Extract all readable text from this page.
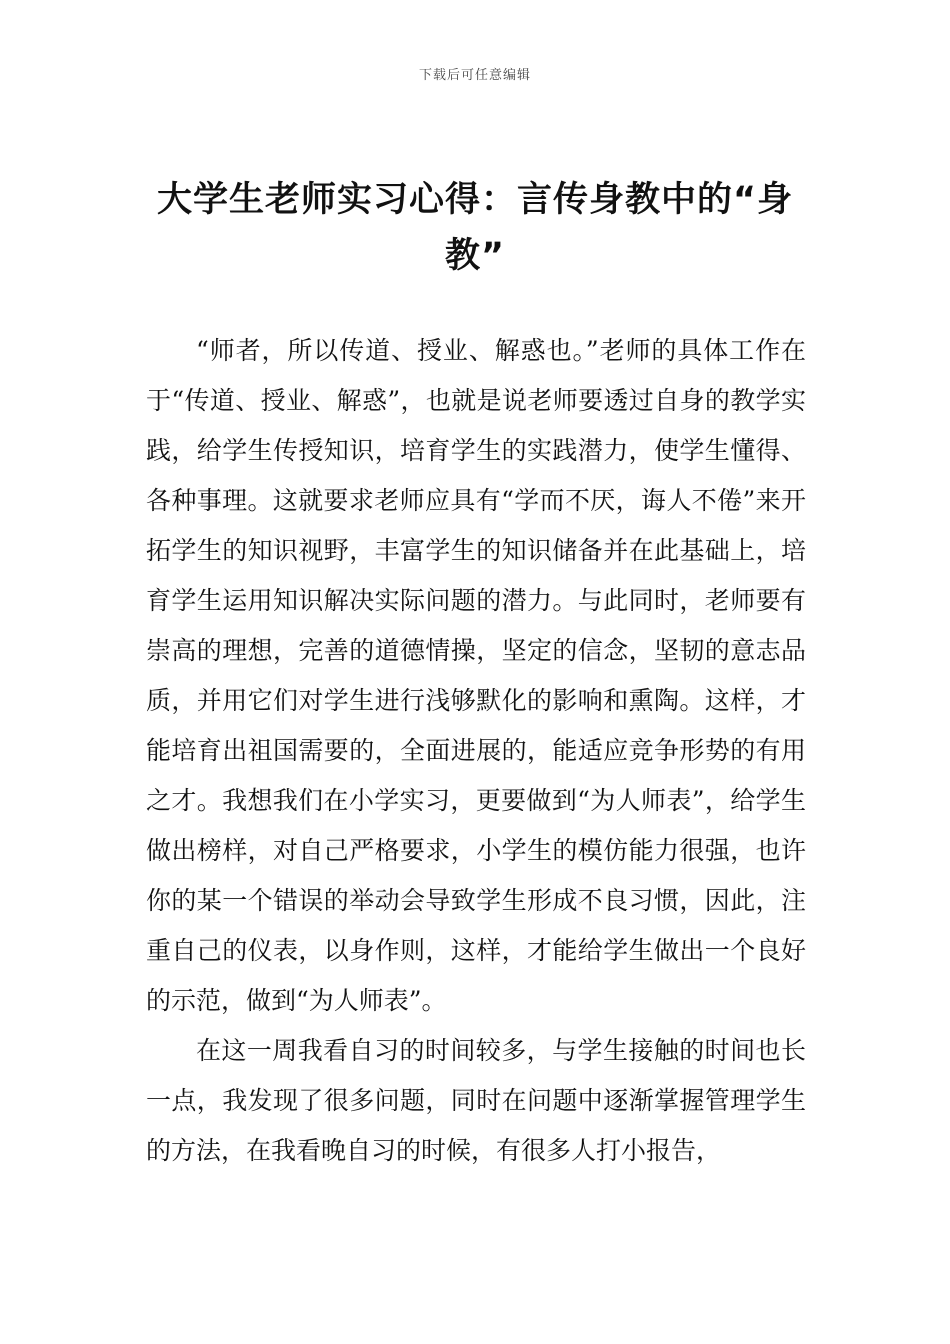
下载后可任意编辑
大学生老师实习心得：言传身教中的“身教”

“师者，所以传道、授业、解惑也。”老师的具体工作在于“传道、授业、解惑”，也就是说老师要透过自身的教学实践，给学生传授知识，培育学生的实践潜力，使学生懂得、各种事理。这就要求老师应具有“学而不厌，诲人不倦”来开拓学生的知识视野，丰富学生的知识储备并在此基础上，培育学生运用知识解决实际问题的潜力。与此同时，老师要有崇高的理想，完善的道德情操，坚定的信念，坚韧的意志品质，并用它们对学生进行浅够默化的影响和熏陶。这样，才能培育出祖国需要的，全面进展的，能适应竞争形势的有用之才。我想我们在小学实习，更要做到“为人师表”，给学生做出榜样，对自己严格要求，小学生的模仿能力很强，也许你的某一个错误的举动会导致学生形成不良习惯，因此，注重自己的仪表，以身作则，这样，才能给学生做出一个良好的示范，做到“为人师表”。

在这一周我看自习的时间较多，与学生接触的时间也长一点，我发现了很多问题，同时在问题中逐渐掌握管理学生的方法，在我看晚自习的时候，有很多人打小报告，
